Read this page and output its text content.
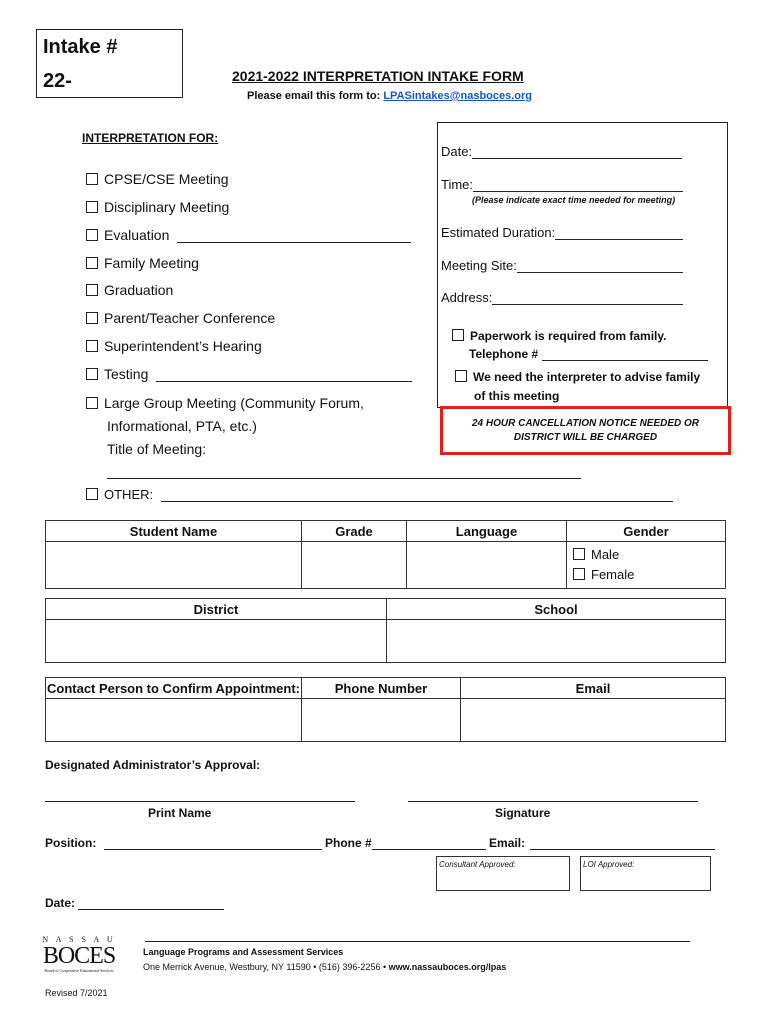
Intake #
22-	2021-2022 INTERPRETATION INTAKE FORM
Please email this form to: LPASintakes@nasboces.org
INTERPRETATION FOR:
CPSE/CSE Meeting
Disciplinary Meeting
Evaluation
Family Meeting
Graduation
Parent/Teacher Conference
Superintendent’s Hearing
Testing
Large Group Meeting (Community Forum,
Informational, PTA, etc.)
Title of Meeting:
OTHER:
Date:
Time:
(Please indicate exact time needed for meeting)
Estimated Duration:
Meeting Site:
Address:
Paperwork is required from family.
Telephone #
We need the interpreter to advise family
of this meeting
24 HOUR CANCELLATION NOTICE NEEDED OR
DISTRICT WILL BE CHARGED
Student Name	Grade	Language	Gender

			Male
Female
District	School

Contact Person to Confirm Appointment:	Phone Number	Email

Designated Administrator’s Approval:
Print Name	Signature
Position:	Phone #	Email:
Consultant Approved:	LOI Approved:
Date:
N A S S A U
BOCES
Board of Cooperative Educational Services
Language Programs and Assessment Services
One Merrick Avenue, Westbury, NY 11590 • (516) 396-2256 • www.nassauboces.org/lpas
Revised 7/2021
